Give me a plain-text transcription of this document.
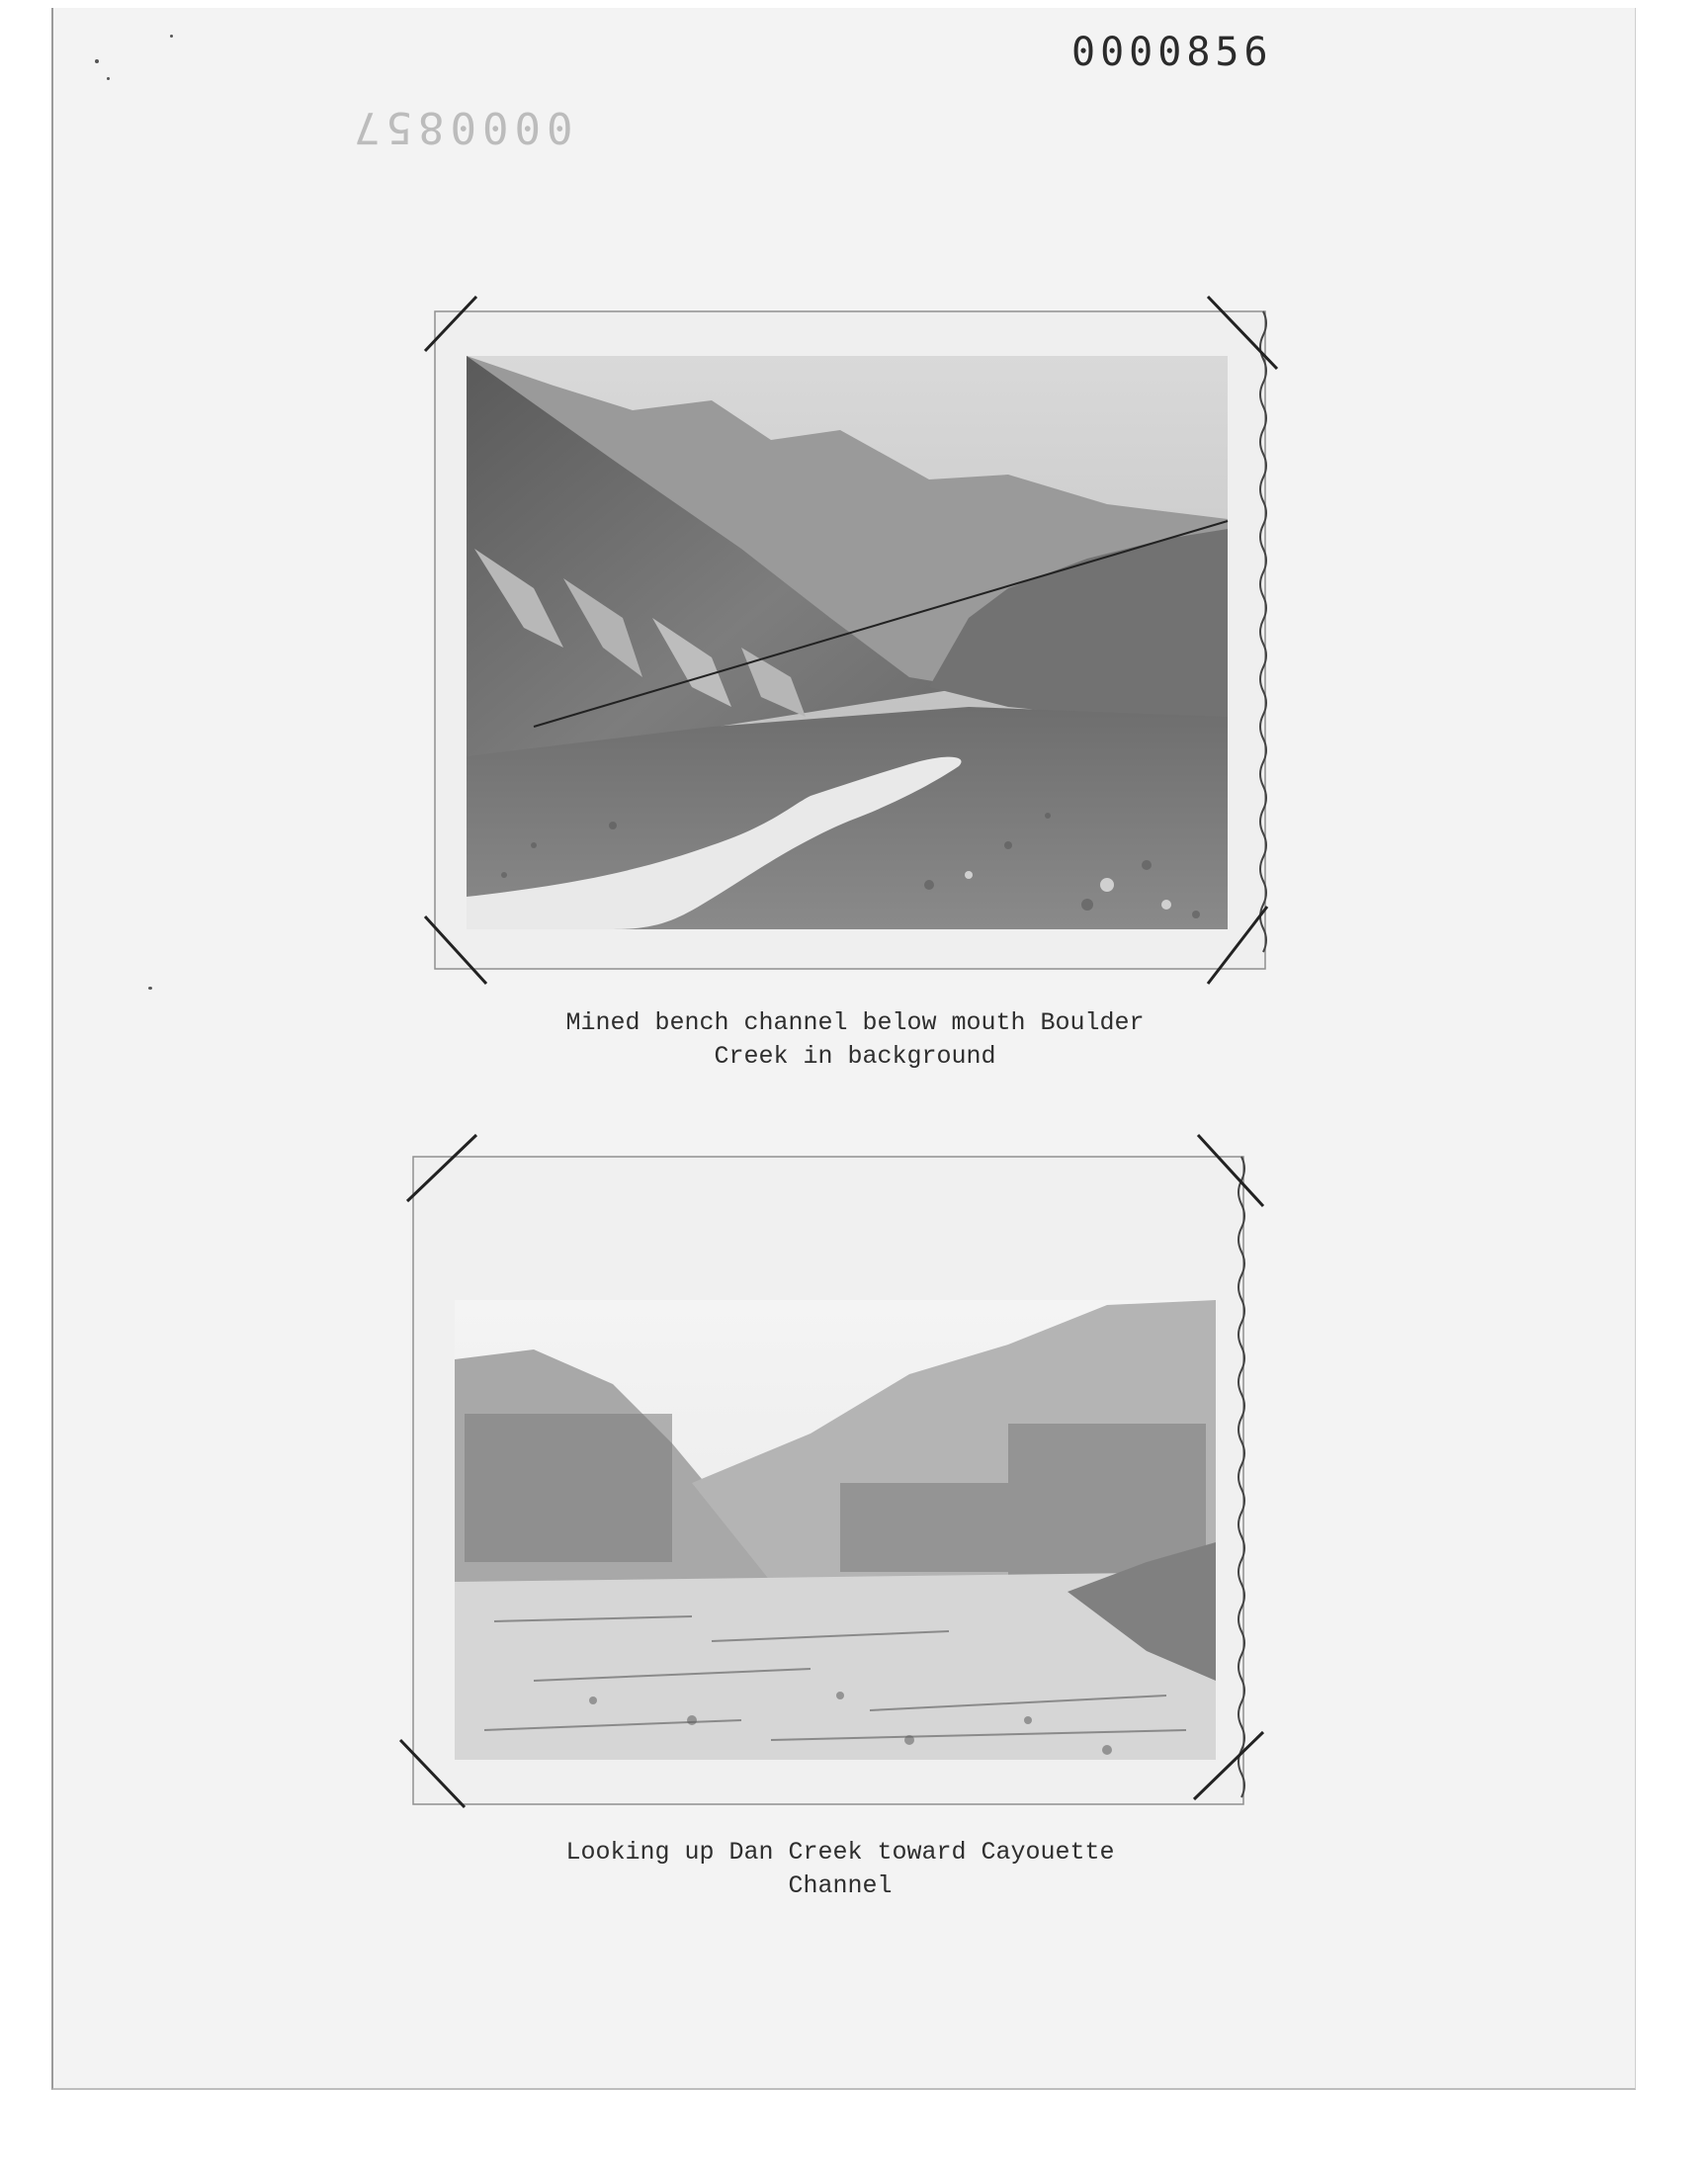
0000856
0000857
Mined bench channel below mouth Boulder
Creek in background
Looking up Dan Creek toward Cayouette
Channel
